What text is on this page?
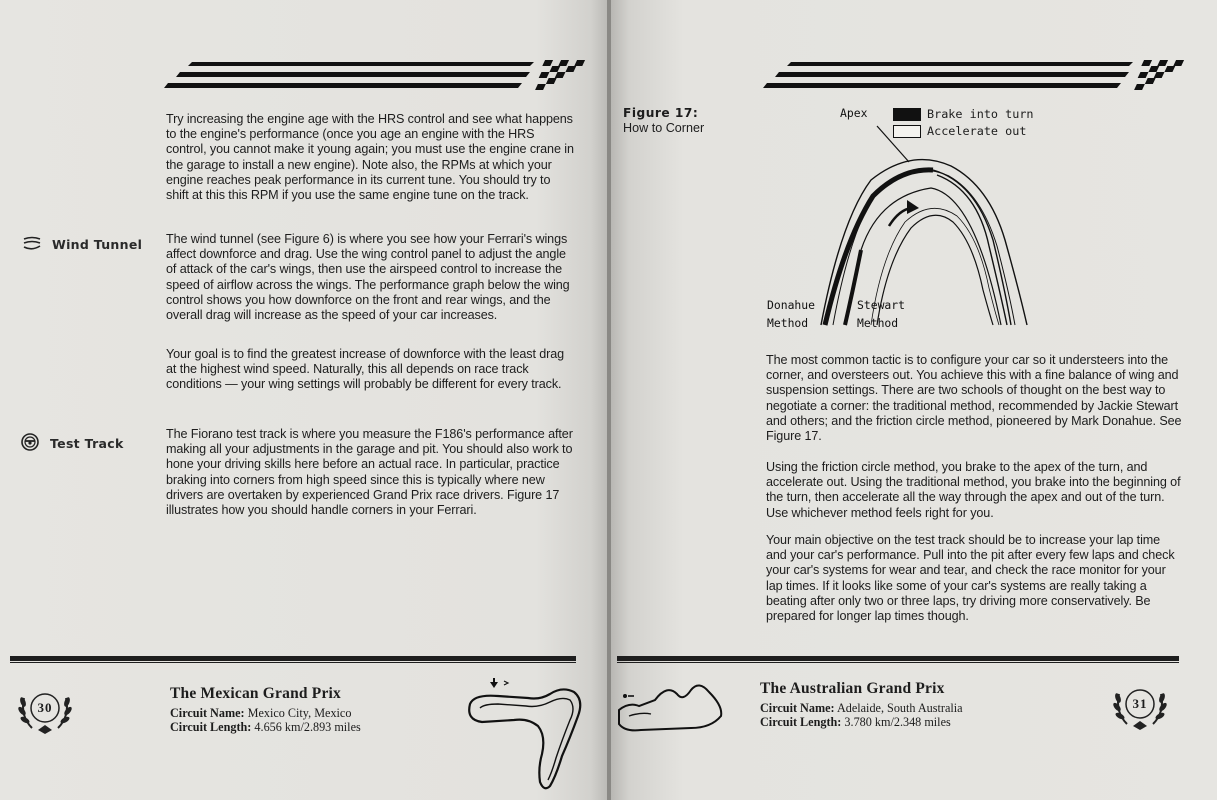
Try increasing the engine age with the HRS control and see what happens to the engine's performance (once you age an engine with the HRS control, you cannot make it young again; you must use the engine crane in the garage to install a new engine). Note also, the RPMs at which your engine reaches peak performance in its current tune. You should try to shift at this this RPM if you use the same engine tune on the track.

Wind Tunnel The wind tunnel (see Figure 6) is where you see how your Ferrari's wings affect downforce and drag. Use the wing control panel to adjust the angle of attack of the car's wings, then use the airspeed control to increase the speed of airflow across the wings. The performance graph below the wing control shows you how downforce on the front and rear wings, and the overall drag will increase as the speed of your car increases.

Your goal is to find the greatest increase of downforce with the least drag at the highest wind speed. Naturally, this all depends on race track conditions — your wing settings will probably be different for every track.

Test Track

The Fiorano test track is where you measure the F186's performance after making all your adjustments in the garage and pit. You should also work to hone your driving skills here before an actual race. In particular, practice braking into corners from high speed since this is typically where new drivers are overtaken by experienced Grand Prix race drivers. Figure 17 illustrates how you should handle corners in your Ferrari.

30
The Mexican Grand Prix
Circuit Name: Mexico City, Mexico
Circuit Length: 4.656 km/2.893 miles
Figure 17:
How to Corner
Apex	Brake into turn
Accelerate out
Donahue
Method
Stewart
Method

The most common tactic is to configure your car so it understeers into the corner, and oversteers out. You achieve this with a fine balance of wing and suspension settings. There are two schools of thought on the best way to negotiate a corner: the traditional method, recommended by Jackie Stewart and others; and the friction circle method, pioneered by Mark Donahue. See Figure 17.

Using the friction circle method, you brake to the apex of the turn, and accelerate out. Using the traditional method, you brake into the beginning of the turn, then accelerate all the way through the apex and out of the turn. Use whichever method feels right for you.

Your main objective on the test track should be to increase your lap time and your car's performance. Pull into the pit after every few laps and check your car's systems for wear and tear, and check the race monitor for your lap times. If it looks like some of your car's systems are really taking a beating after only two or three laps, try driving more conservatively. Be prepared for longer lap times though.

The Australian Grand Prix
Circuit Name: Adelaide, South Australia
Circuit Length: 3.780 km/2.348 miles
31
